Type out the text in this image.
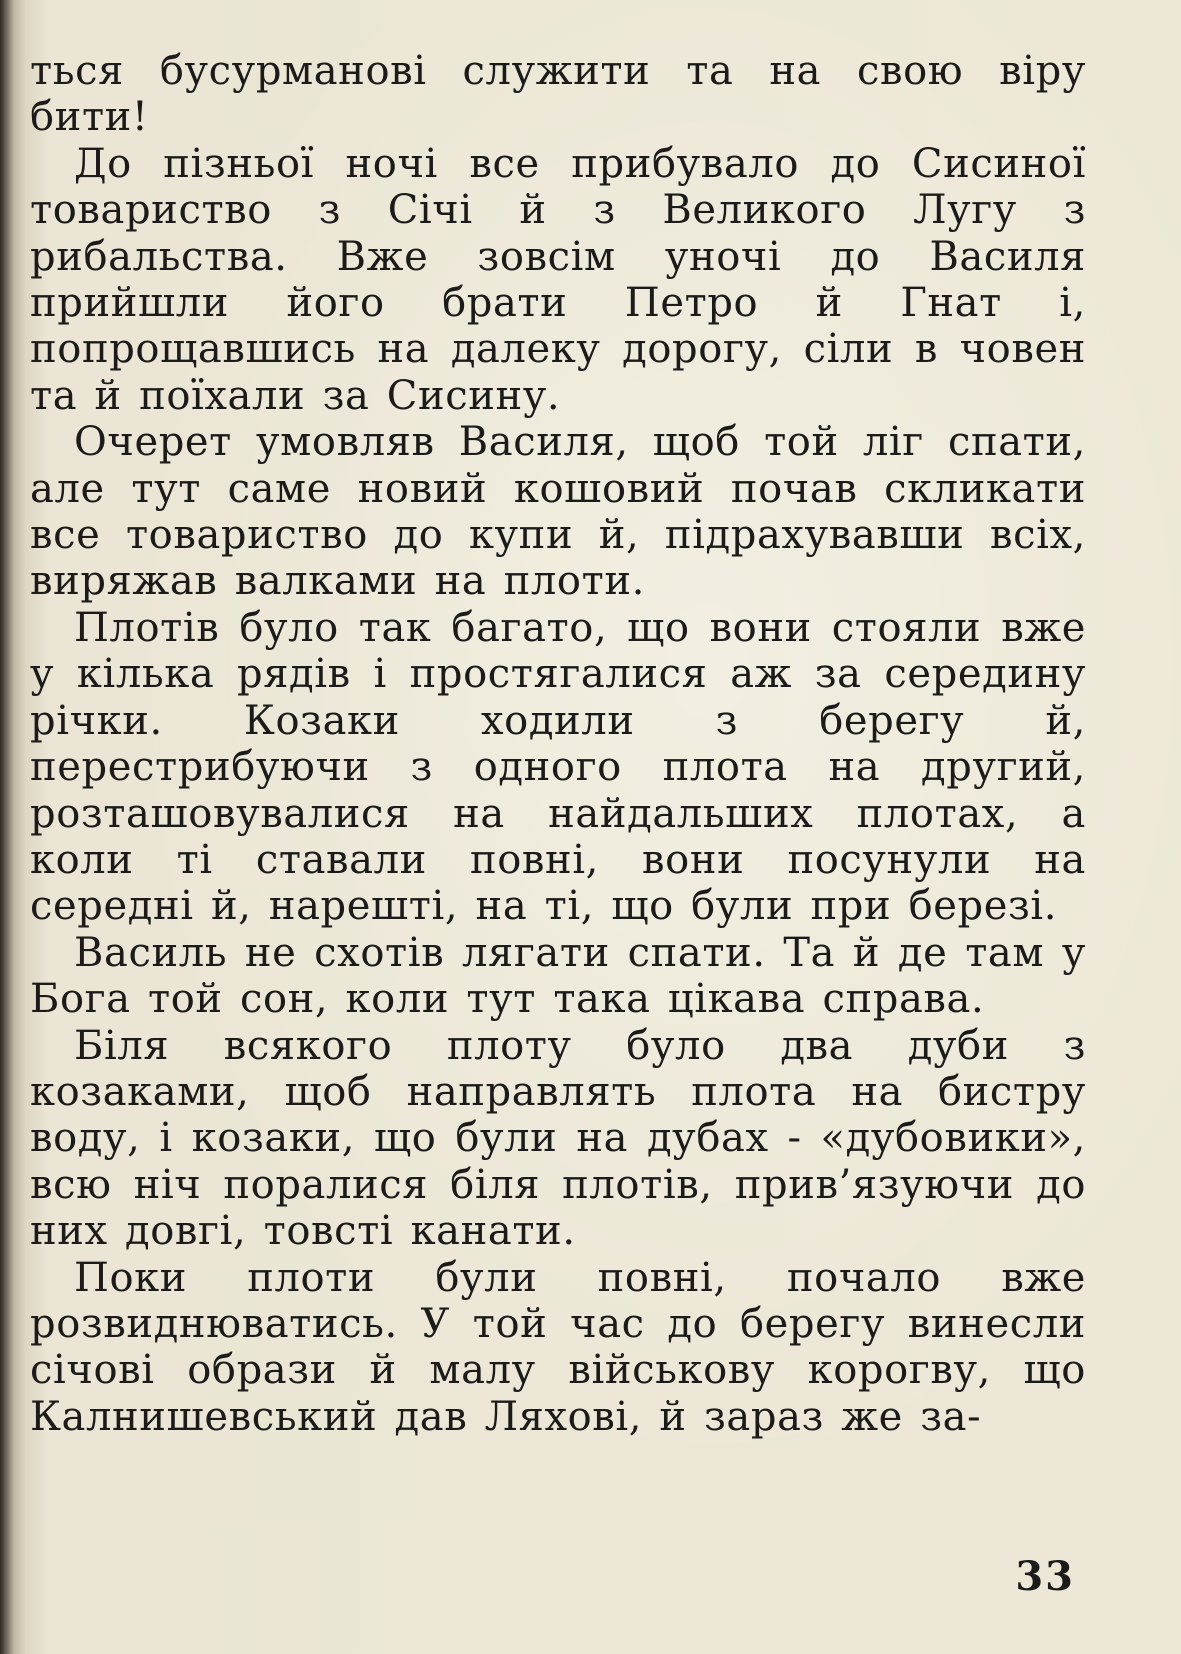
ться бусурманові служити та на свою віру бити!

До пізньої ночі все прибувало до Сисиної товариство з Січі й з Великого Лугу з рибальства. Вже зовсім уночі до Василя прийшли його брати Петро й Гнат і, попрощавшись на далеку дорогу, сіли в човен та й поїхали за Сисину.

Очерет умовляв Василя, щоб той ліг спати, але тут саме новий кошовий почав скликати все товариство до купи й, підрахувавши всіх, виряжав валками на плоти.

Плотів було так багато, що вони стояли вже у кілька рядів і простягалися аж за середину річки. Козаки ходили з берегу й, перестрибуючи з одного плота на другий, розташовувалися на найдальших плотах, а коли ті ставали повні, вони посунули на середні й, нарешті, на ті, що були при березі.

Василь не схотів лягати спати. Та й де там у Бога той сон, коли тут така цікава справа.

Біля всякого плоту було два дуби з козаками, щоб направлять плота на бистру воду, і козаки, що були на дубах - «дубовики», всю ніч поралися біля плотів, прив’язуючи до них довгі, товсті канати.

Поки плоти були повні, почало вже розвиднюватись. У той час до берегу винесли січові образи й малу військову корогву, що Калнишевський дав Ляхові, й зараз же за-

33
